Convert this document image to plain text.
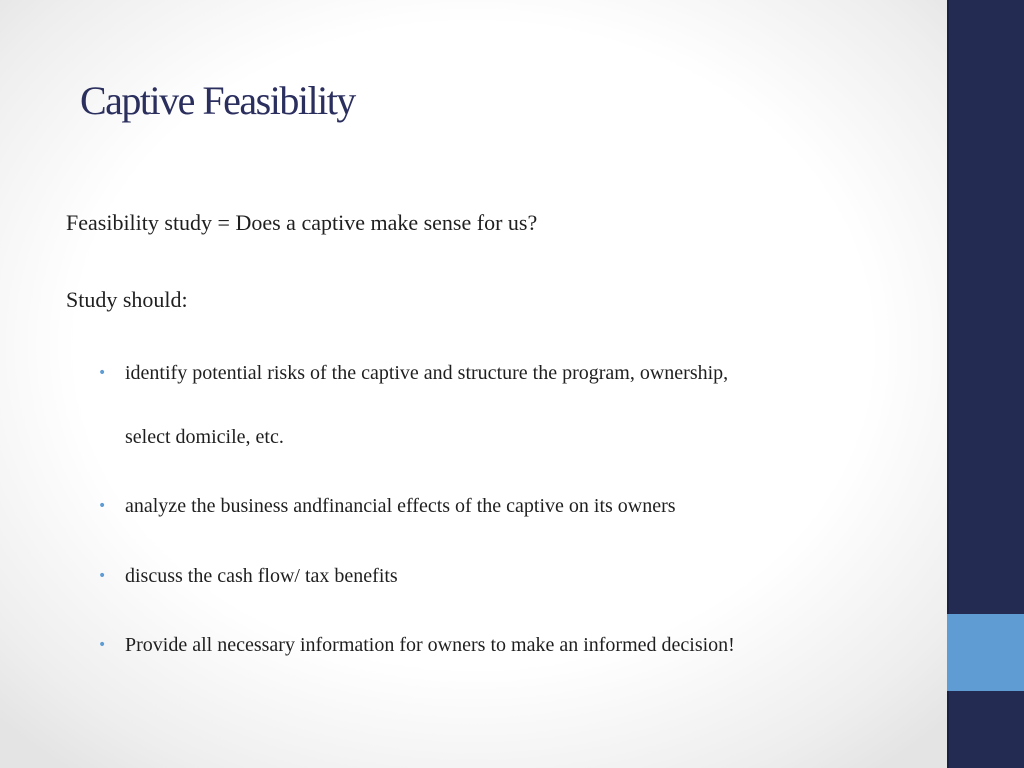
Captive Feasibility

Feasibility study = Does a captive make sense for us?

Study should:

• identify potential risks of the captive and structure the program, ownership,
select domicile, etc.
• analyze the business andfinancial effects of the captive on its owners
• discuss the cash flow/ tax benefits
• Provide all necessary information for owners to make an informed decision!
